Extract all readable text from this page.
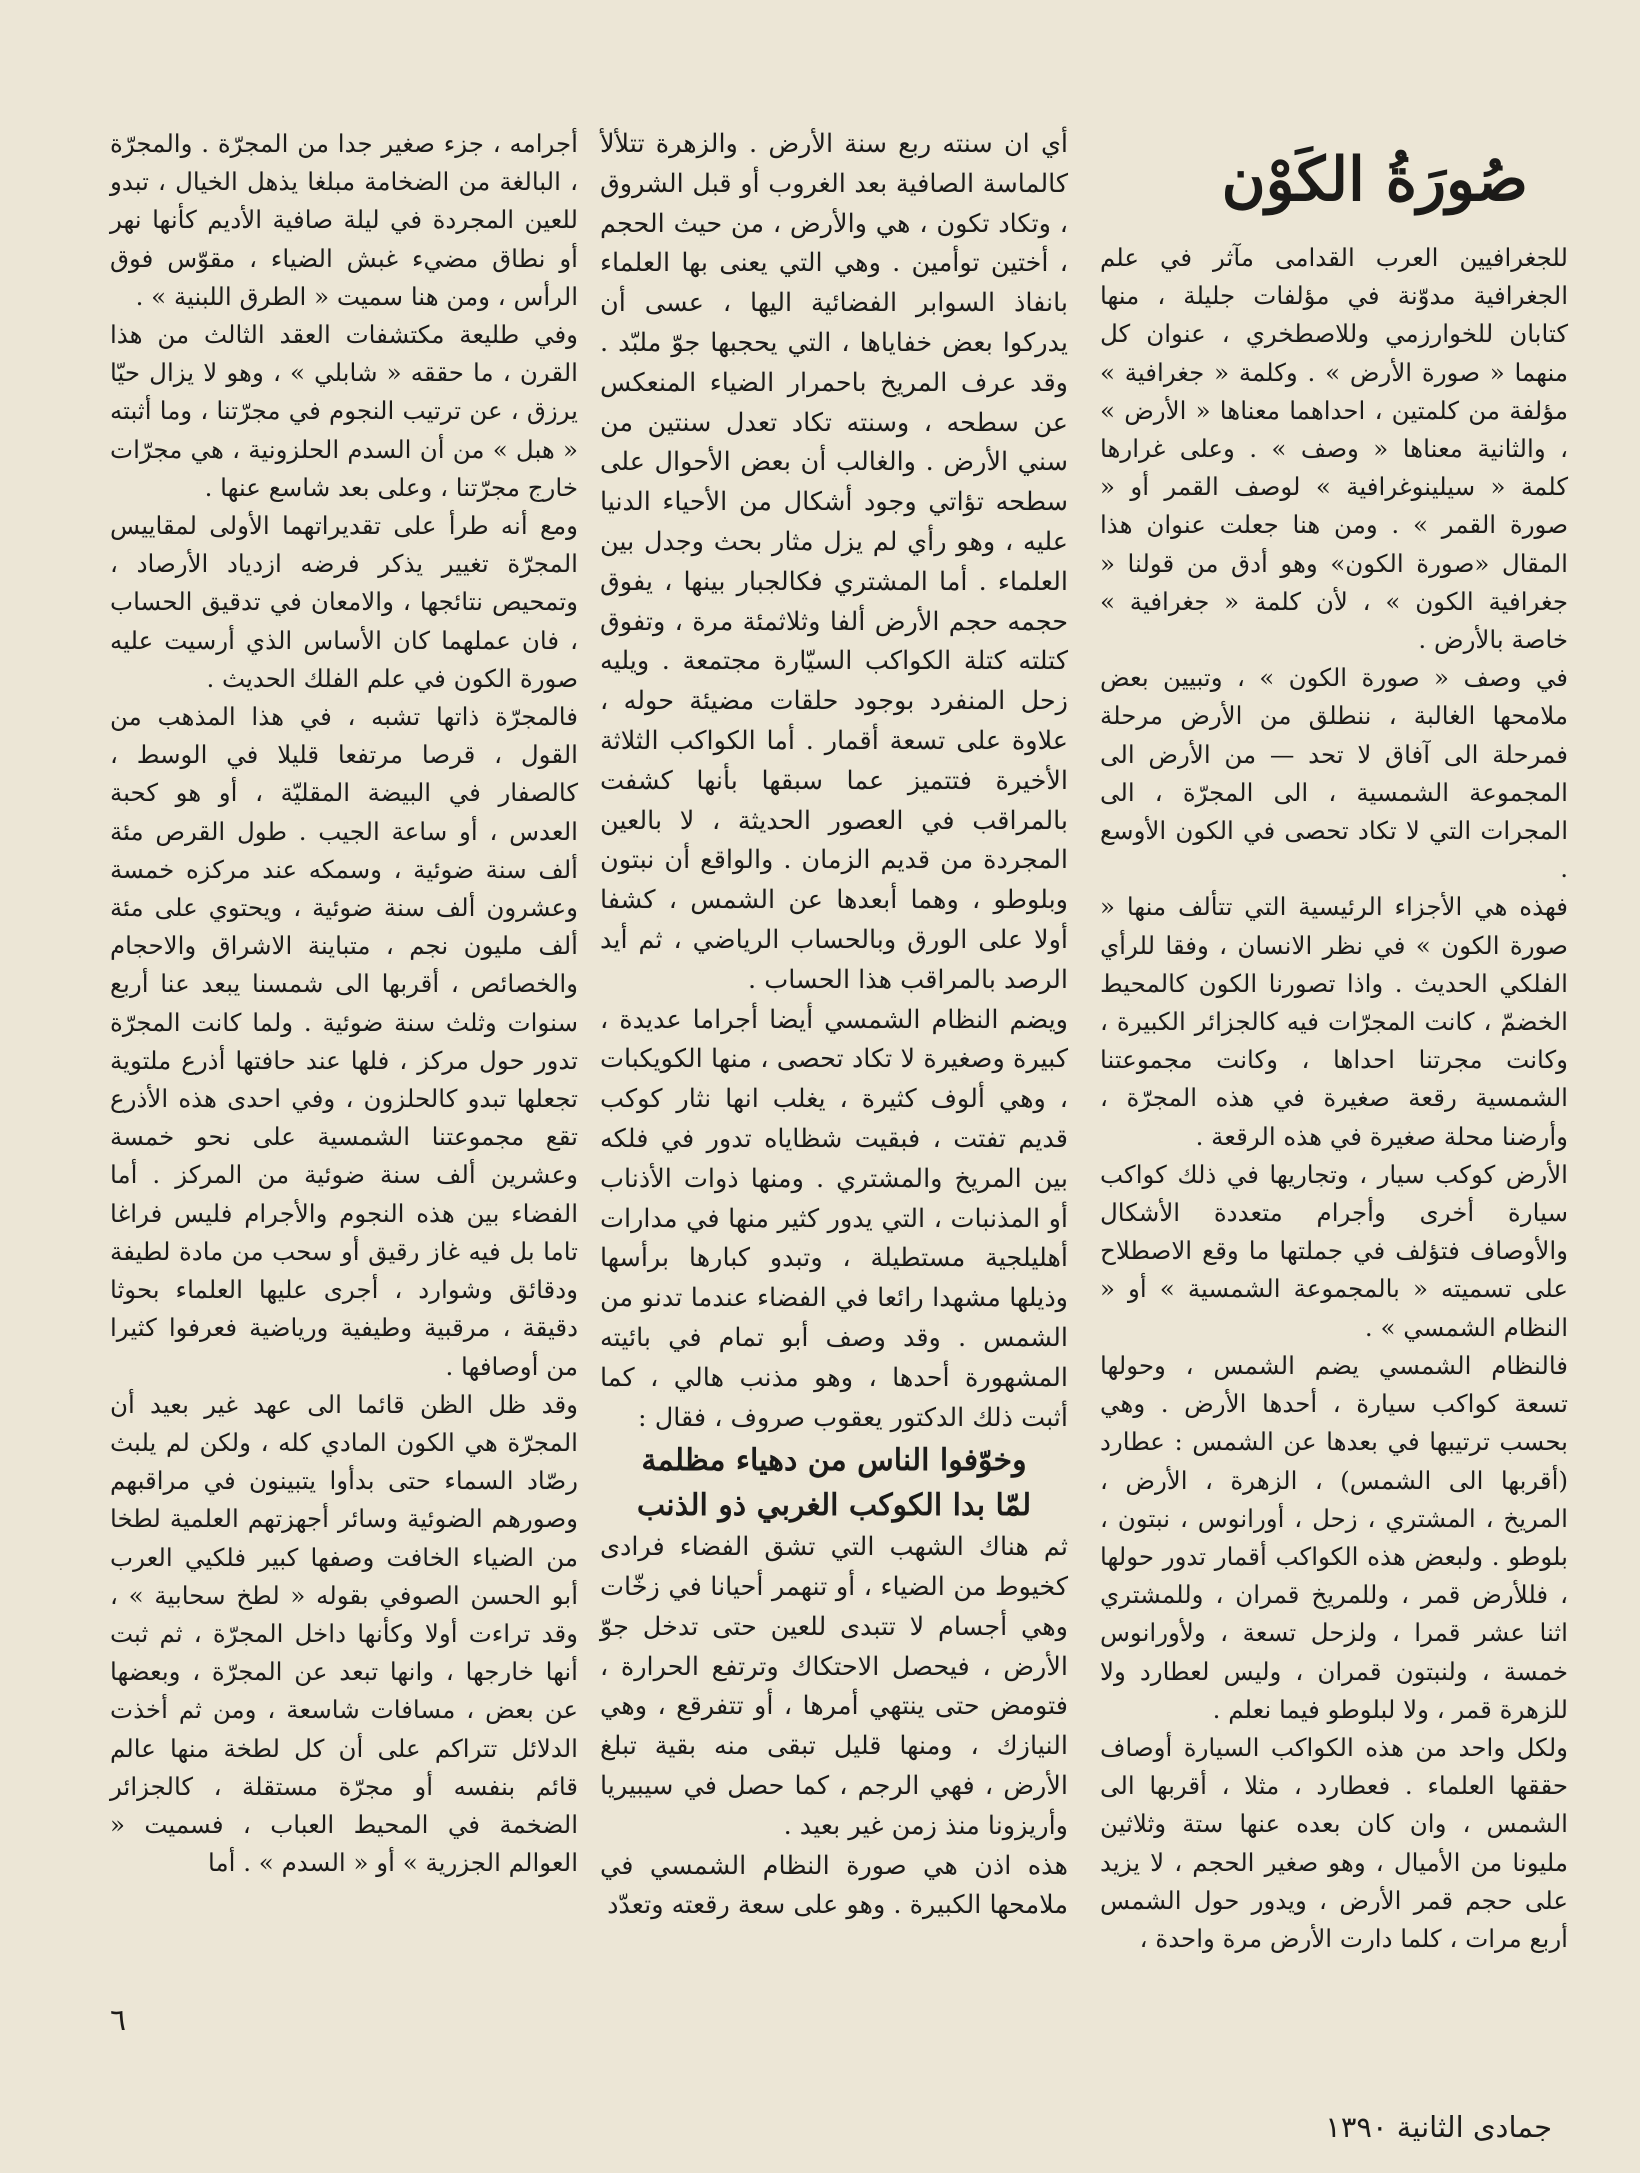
صُورَةُ الكَوْن

للجغرافيين العرب القدامى مآثر في علم الجغرافية مدوّنة في مؤلفات جليلة ، منها كتابان للخوارزمي وللاصطخري ، عنوان كل منهما « صورة الأرض » . وكلمة « جغرافية » مؤلفة من كلمتين ، احداهما معناها « الأرض » ، والثانية معناها « وصف » . وعلى غرارها كلمة « سيلينوغرافية » لوصف القمر أو « صورة القمر » . ومن هنا جعلت عنوان هذا المقال «صورة الكون» وهو أدق من قولنا « جغرافية الكون » ، لأن كلمة « جغرافية » خاصة بالأرض .

في وصف « صورة الكون » ، وتبيين بعض ملامحها الغالبة ، ننطلق من الأرض مرحلة فمرحلة الى آفاق لا تحد — من الأرض الى المجموعة الشمسية ، الى المجرّة ، الى المجرات التي لا تكاد تحصى في الكون الأوسع .

فهذه هي الأجزاء الرئيسية التي تتألف منها « صورة الكون » في نظر الانسان ، وفقا للرأي الفلكي الحديث . واذا تصورنا الكون كالمحيط الخضمّ ، كانت المجرّات فيه كالجزائر الكبيرة ، وكانت مجرتنا احداها ، وكانت مجموعتنا الشمسية رقعة صغيرة في هذه المجرّة ، وأرضنا محلة صغيرة في هذه الرقعة .

الأرض كوكب سيار ، وتجاريها في ذلك كواكب سيارة أخرى وأجرام متعددة الأشكال والأوصاف فتؤلف في جملتها ما وقع الاصطلاح على تسميته « بالمجموعة الشمسية » أو « النظام الشمسي » .

فالنظام الشمسي يضم الشمس ، وحولها تسعة كواكب سيارة ، أحدها الأرض . وهي بحسب ترتيبها في بعدها عن الشمس : عطارد (أقربها الى الشمس) ، الزهرة ، الأرض ، المريخ ، المشتري ، زحل ، أورانوس ، نبتون ، بلوطو . ولبعض هذه الكواكب أقمار تدور حولها ، فللأرض قمر ، وللمريخ قمران ، وللمشتري اثنا عشر قمرا ، ولزحل تسعة ، ولأورانوس خمسة ، ولنبتون قمران ، وليس لعطارد ولا للزهرة قمر ، ولا لبلوطو فيما نعلم .

ولكل واحد من هذه الكواكب السيارة أوصاف حققها العلماء . فعطارد ، مثلا ، أقربها الى الشمس ، وان كان بعده عنها ستة وثلاثين مليونا من الأميال ، وهو صغير الحجم ، لا يزيد على حجم قمر الأرض ، ويدور حول الشمس أربع مرات ، كلما دارت الأرض مرة واحدة ،

أي ان سنته ربع سنة الأرض . والزهرة تتلألأ كالماسة الصافية بعد الغروب أو قبل الشروق ، وتكاد تكون ، هي والأرض ، من حيث الحجم ، أختين توأمين . وهي التي يعنى بها العلماء بانفاذ السوابر الفضائية اليها ، عسى أن يدركوا بعض خفاياها ، التي يحجبها جوّ ملبّد . وقد عرف المريخ باحمرار الضياء المنعكس عن سطحه ، وسنته تكاد تعدل سنتين من سني الأرض . والغالب أن بعض الأحوال على سطحه تؤاتي وجود أشكال من الأحياء الدنيا عليه ، وهو رأي لم يزل مثار بحث وجدل بين العلماء . أما المشتري فكالجبار بينها ، يفوق حجمه حجم الأرض ألفا وثلاثمئة مرة ، وتفوق كتلته كتلة الكواكب السيّارة مجتمعة . ويليه زحل المنفرد بوجود حلقات مضيئة حوله ، علاوة على تسعة أقمار . أما الكواكب الثلاثة الأخيرة فتتميز عما سبقها بأنها كشفت بالمراقب في العصور الحديثة ، لا بالعين المجردة من قديم الزمان . والواقع أن نبتون وبلوطو ، وهما أبعدها عن الشمس ، كشفا أولا على الورق وبالحساب الرياضي ، ثم أيد الرصد بالمراقب هذا الحساب .

ويضم النظام الشمسي أيضا أجراما عديدة ، كبيرة وصغيرة لا تكاد تحصى ، منها الكويكبات ، وهي ألوف كثيرة ، يغلب انها نثار كوكب قديم تفتت ، فبقيت شظاياه تدور في فلكه بين المريخ والمشتري . ومنها ذوات الأذناب أو المذنبات ، التي يدور كثير منها في مدارات أهليلجية مستطيلة ، وتبدو كبارها برأسها وذيلها مشهدا رائعا في الفضاء عندما تدنو من الشمس . وقد وصف أبو تمام في بائيته المشهورة أحدها ، وهو مذنب هالي ، كما أثبت ذلك الدكتور يعقوب صروف ، فقال :

وخوّفوا الناس من دهياء مظلمة

لمّا بدا الكوكب الغربي ذو الذنب

ثم هناك الشهب التي تشق الفضاء فرادى كخيوط من الضياء ، أو تنهمر أحيانا في زخّات وهي أجسام لا تتبدى للعين حتى تدخل جوّ الأرض ، فيحصل الاحتكاك وترتفع الحرارة ، فتومض حتى ينتهي أمرها ، أو تتفرقع ، وهي النيازك ، ومنها قليل تبقى منه بقية تبلغ الأرض ، فهي الرجم ، كما حصل في سيبيريا وأريزونا منذ زمن غير بعيد .

هذه اذن هي صورة النظام الشمسي في ملامحها الكبيرة . وهو على سعة رقعته وتعدّد

أجرامه ، جزء صغير جدا من المجرّة . والمجرّة ، البالغة من الضخامة مبلغا يذهل الخيال ، تبدو للعين المجردة في ليلة صافية الأديم كأنها نهر أو نطاق مضيء غبش الضياء ، مقوّس فوق الرأس ، ومن هنا سميت « الطرق اللبنية » .

وفي طليعة مكتشفات العقد الثالث من هذا القرن ، ما حققه « شابلي » ، وهو لا يزال حيّا يرزق ، عن ترتيب النجوم في مجرّتنا ، وما أثبته « هبل » من أن السدم الحلزونية ، هي مجرّات خارج مجرّتنا ، وعلى بعد شاسع عنها .

ومع أنه طرأ على تقديراتهما الأولى لمقاييس المجرّة تغيير يذكر فرضه ازدياد الأرصاد ، وتمحيص نتائجها ، والامعان في تدقيق الحساب ، فان عملهما كان الأساس الذي أرسيت عليه صورة الكون في علم الفلك الحديث .

فالمجرّة ذاتها تشبه ، في هذا المذهب من القول ، قرصا مرتفعا قليلا في الوسط ، كالصفار في البيضة المقليّة ، أو هو كحبة العدس ، أو ساعة الجيب . طول القرص مئة ألف سنة ضوئية ، وسمكه عند مركزه خمسة وعشرون ألف سنة ضوئية ، ويحتوي على مئة ألف مليون نجم ، متباينة الاشراق والاحجام والخصائص ، أقربها الى شمسنا يبعد عنا أربع سنوات وثلث سنة ضوئية . ولما كانت المجرّة تدور حول مركز ، فلها عند حافتها أذرع ملتوية تجعلها تبدو كالحلزون ، وفي احدى هذه الأذرع تقع مجموعتنا الشمسية على نحو خمسة وعشرين ألف سنة ضوئية من المركز . أما الفضاء بين هذه النجوم والأجرام فليس فراغا تاما بل فيه غاز رقيق أو سحب من مادة لطيفة ودقائق وشوارد ، أجرى عليها العلماء بحوثا دقيقة ، مرقبية وطيفية ورياضية فعرفوا كثيرا من أوصافها .

وقد ظل الظن قائما الى عهد غير بعيد أن المجرّة هي الكون المادي كله ، ولكن لم يلبث رصّاد السماء حتى بدأوا يتبينون في مراقبهم وصورهم الضوئية وسائر أجهزتهم العلمية لطخا من الضياء الخافت وصفها كبير فلكيي العرب أبو الحسن الصوفي بقوله « لطخ سحابية » ، وقد تراءت أولا وكأنها داخل المجرّة ، ثم ثبت أنها خارجها ، وانها تبعد عن المجرّة ، وبعضها عن بعض ، مسافات شاسعة ، ومن ثم أخذت الدلائل تتراكم على أن كل لطخة منها عالم قائم بنفسه أو مجرّة مستقلة ، كالجزائر الضخمة في المحيط العباب ، فسميت « العوالم الجزرية » أو « السدم » . أما

٦
جمادى الثانية ١٣٩٠
